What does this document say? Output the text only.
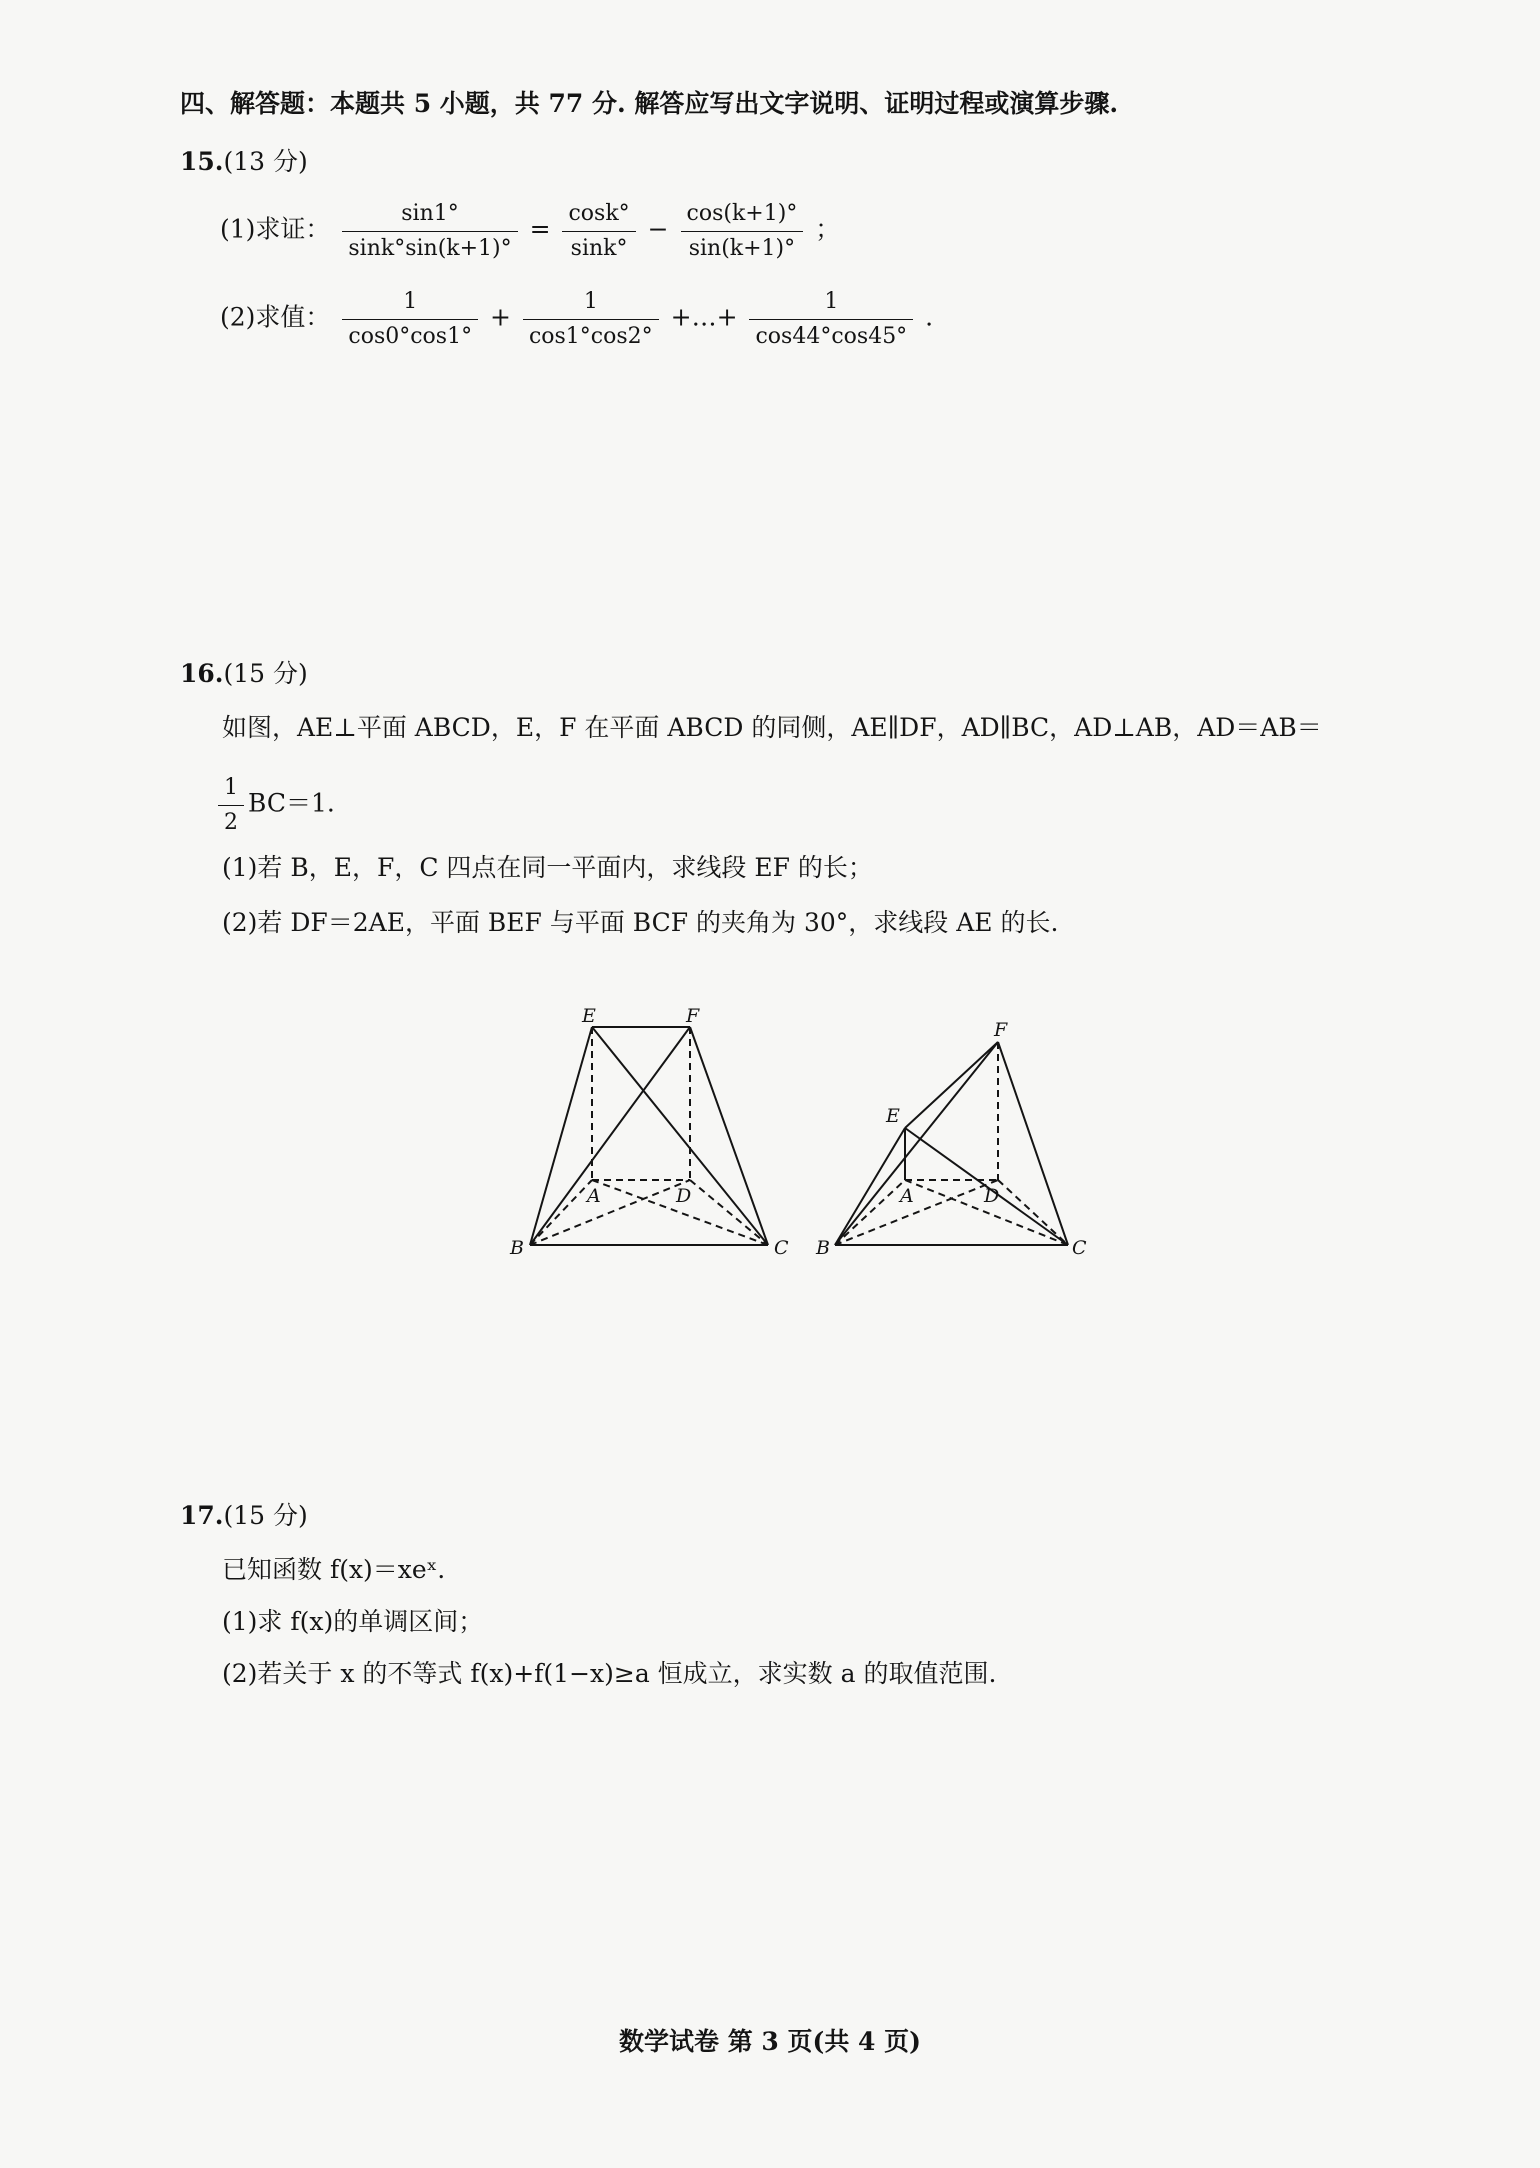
四、解答题：本题共 5 小题，共 77 分. 解答应写出文字说明、证明过程或演算步骤.
15.(13 分)
(1)求证： $\frac{\sin 1^\circ}{\sin k^\circ\sin(k+1)^\circ} = \frac{\cos k^\circ}{\sin k^\circ} - \frac{\cos(k+1)^\circ}{\sin(k+1)^\circ}$ ；
(2)求值： $\frac{1}{\cos 0^\circ\cos 1^\circ} + \frac{1}{\cos 1^\circ\cos 2^\circ}$ +…+ $\frac{1}{\cos 44^\circ\cos 45^\circ}$ .
16.(15 分)
如图，AE⊥平面 ABCD，E，F 在平面 ABCD 的同侧，AE∥DF，AD∥BC，AD⊥AB，AD＝AB＝
$\frac{1}{2} BC=1$.
(1)若 B，E，F，C 四点在同一平面内，求线段 EF 的长；
(2)若 DF＝2AE，平面 BEF 与平面 BCF 的夹角为 30°，求线段 AE 的长.
E	F
A	D
B	C
E
F
A	D
B	C
17.(15 分)
已知函数 f(x)＝xeˣ.
(1)求 f(x)的单调区间；
(2)若关于 x 的不等式 f(x)+f(1−x)≥a 恒成立，求实数 a 的取值范围.
数学试卷 第 3 页(共 4 页)
